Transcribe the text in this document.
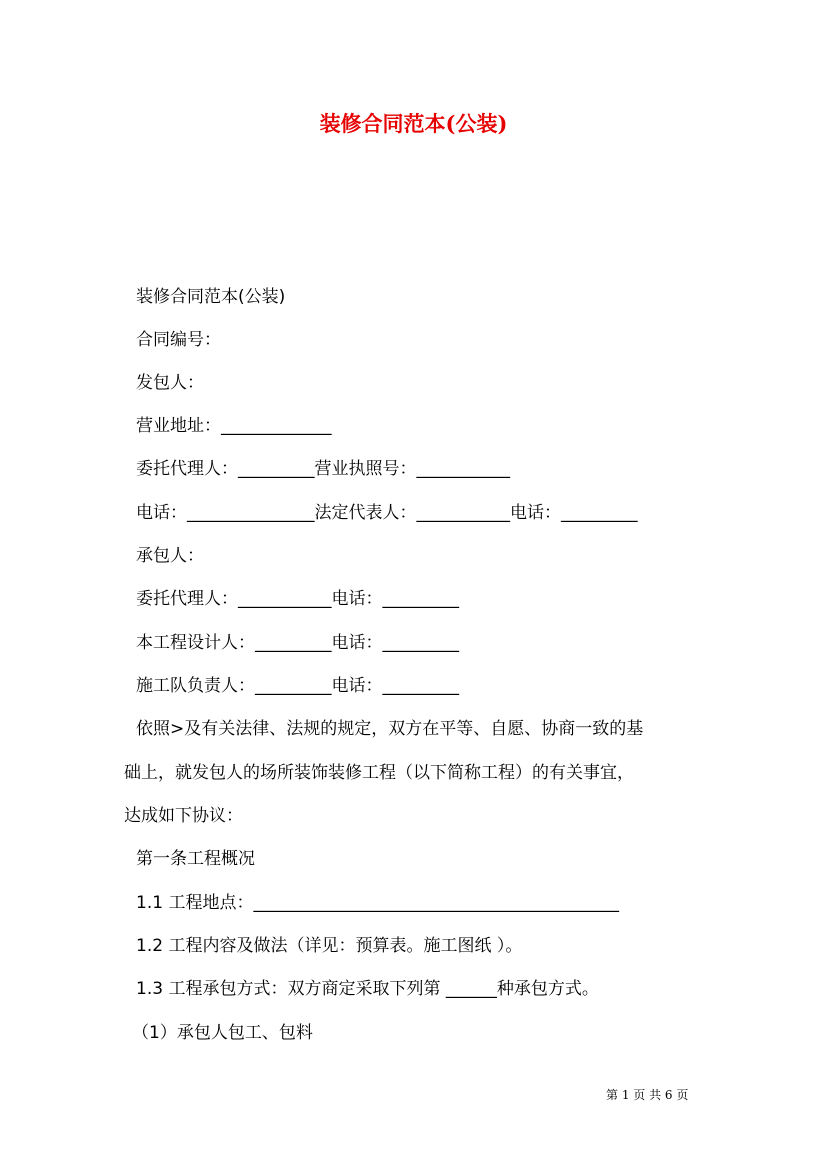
装修合同范本(公装)
装修合同范本(公装)
合同编号：
发包人：
营业地址：_____________
委托代理人：_________营业执照号：___________
电话：_______________法定代表人：___________电话：_________
承包人：
委托代理人：___________电话：_________
本工程设计人：_________电话：_________
施工队负责人：_________电话：_________
依照>及有关法律、法规的规定，双方在平等、自愿、协商一致的基
础上，就发包人的场所装饰装修工程（以下简称工程）的有关事宜，
达成如下协议：
第一条工程概况
1.1 工程地点：___________________________________________
1.2 工程内容及做法（详见：预算表。施工图纸 ）。
1.3 工程承包方式：双方商定采取下列第 ______种承包方式。
（1）承包人包工、包料
第 1 页 共 6 页
